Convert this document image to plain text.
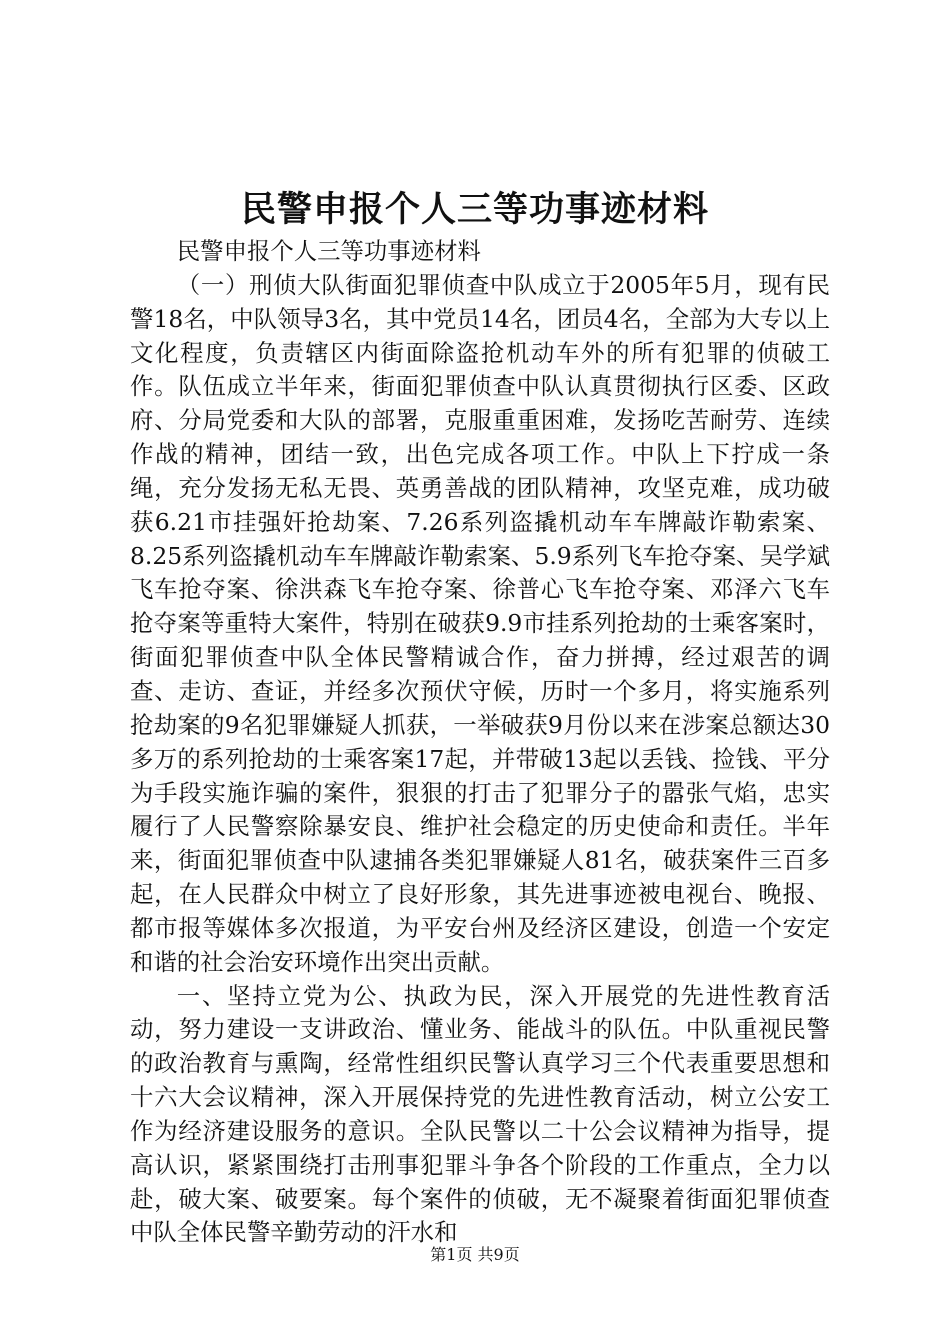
民警申报个人三等功事迹材料

民警申报个人三等功事迹材料

（一）刑侦大队街面犯罪侦查中队成立于2005年5月，现有民警18名，中队领导3名，其中党员14名，团员4名，全部为大专以上文化程度，负责辖区内街面除盗抢机动车外的所有犯罪的侦破工作。队伍成立半年来，街面犯罪侦查中队认真贯彻执行区委、区政府、分局党委和大队的部署，克服重重困难，发扬吃苦耐劳、连续作战的精神，团结一致，出色完成各项工作。中队上下拧成一条绳，充分发扬无私无畏、英勇善战的团队精神，攻坚克难，成功破获6.21市挂强奸抢劫案、7.26系列盗撬机动车车牌敲诈勒索案、8.25系列盗撬机动车车牌敲诈勒索案、5.9系列飞车抢夺案、吴学斌飞车抢夺案、徐洪森飞车抢夺案、徐普心飞车抢夺案、邓泽六飞车抢夺案等重特大案件，特别在破获9.9市挂系列抢劫的士乘客案时，街面犯罪侦查中队全体民警精诚合作，奋力拼搏，经过艰苦的调查、走访、查证，并经多次预伏守候，历时一个多月，将实施系列抢劫案的9名犯罪嫌疑人抓获，一举破获9月份以来在涉案总额达30多万的系列抢劫的士乘客案17起，并带破13起以丢钱、捡钱、平分为手段实施诈骗的案件，狠狠的打击了犯罪分子的嚣张气焰，忠实履行了人民警察除暴安良、维护社会稳定的历史使命和责任。半年来，街面犯罪侦查中队逮捕各类犯罪嫌疑人81名，破获案件三百多起，在人民群众中树立了良好形象，其先进事迹被电视台、晚报、都市报等媒体多次报道，为平安台州及经济区建设，创造一个安定和谐的社会治安环境作出突出贡献。

一、坚持立党为公、执政为民，深入开展党的先进性教育活动，努力建设一支讲政治、懂业务、能战斗的队伍。中队重视民警的政治教育与熏陶，经常性组织民警认真学习三个代表重要思想和十六大会议精神，深入开展保持党的先进性教育活动，树立公安工作为经济建设服务的意识。全队民警以二十公会议精神为指导，提高认识，紧紧围绕打击刑事犯罪斗争各个阶段的工作重点，全力以赴，破大案、破要案。每个案件的侦破，无不凝聚着街面犯罪侦查中队全体民警辛勤劳动的汗水和

第1页 共9页
